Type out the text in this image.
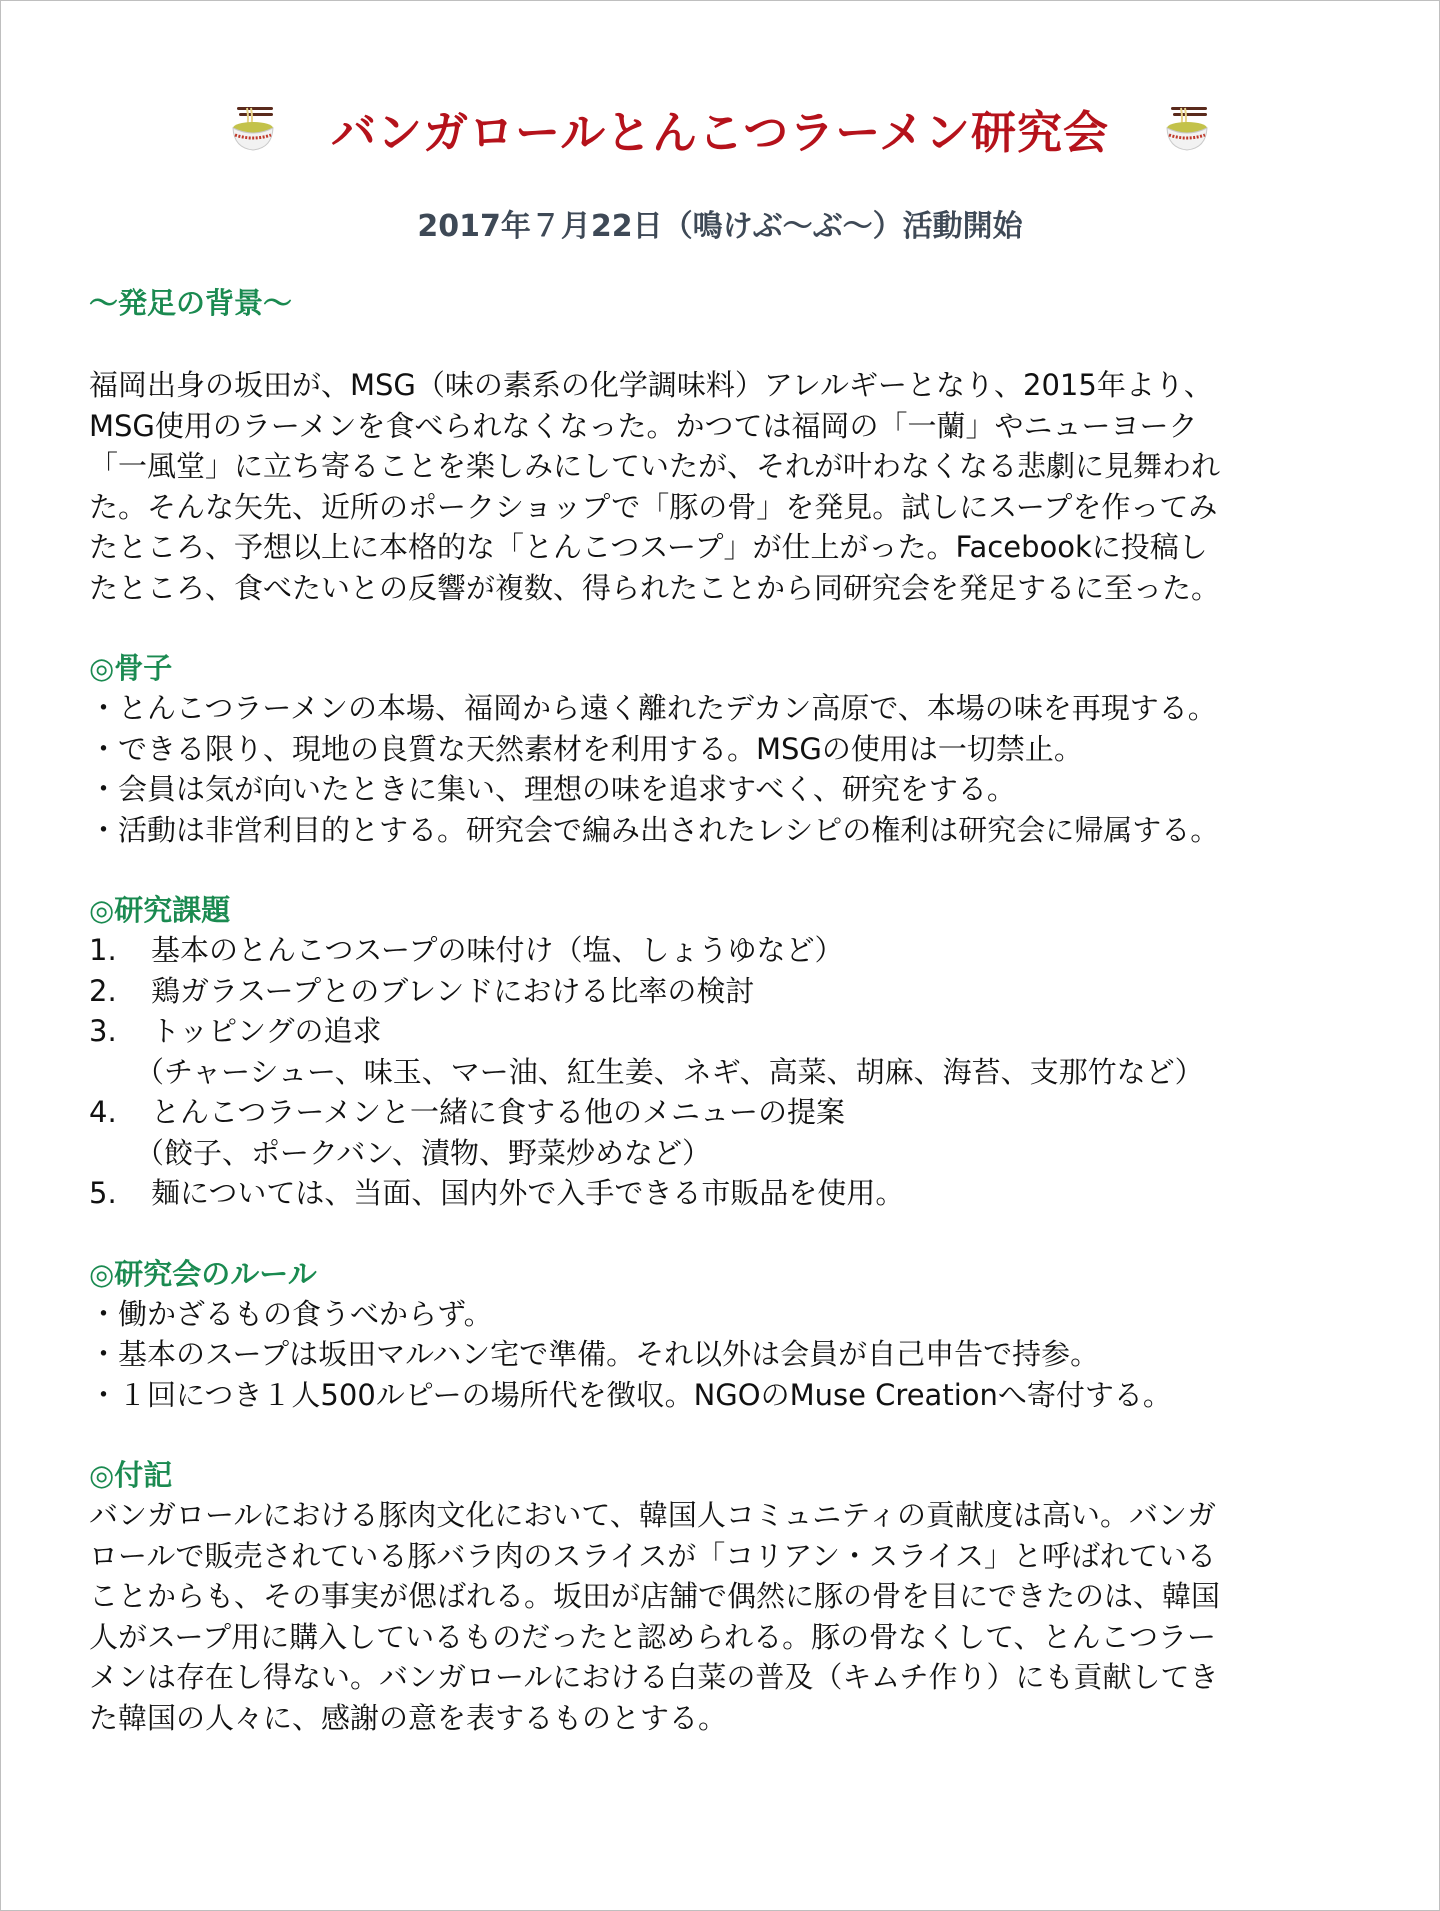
バンガロールとんこつラーメン研究会
2017年７月22日（鳴けぶ〜ぶ〜）活動開始
〜発足の背景〜
福岡出身の坂田が、MSG（味の素系の化学調味料）アレルギーとなり、2015年より、
MSG使用のラーメンを食べられなくなった。かつては福岡の「一蘭」やニューヨーク
「一風堂」に立ち寄ることを楽しみにしていたが、それが叶わなくなる悲劇に見舞われ
た。そんな矢先、近所のポークショップで「豚の骨」を発見。試しにスープを作ってみ
たところ、予想以上に本格的な「とんこつスープ」が仕上がった。Facebookに投稿し
たところ、食べたいとの反響が複数、得られたことから同研究会を発足するに至った。
◎骨子
・とんこつラーメンの本場、福岡から遠く離れたデカン高原で、本場の味を再現する。
・できる限り、現地の良質な天然素材を利用する。MSGの使用は一切禁止。
・会員は気が向いたときに集い、理想の味を追求すべく、研究をする。
・活動は非営利目的とする。研究会で編み出されたレシピの権利は研究会に帰属する。
◎研究課題
1.	基本のとんこつスープの味付け（塩、しょうゆなど）
2.	鶏ガラスープとのブレンドにおける比率の検討
3.	トッピングの追求
（チャーシュー、味玉、マー油、紅生姜、ネギ、高菜、胡麻、海苔、支那竹など）
4.	とんこつラーメンと一緒に食する他のメニューの提案
（餃子、ポークバン、漬物、野菜炒めなど）
5.	麺については、当面、国内外で入手できる市販品を使用。
◎研究会のルール
・働かざるもの食うべからず。
・基本のスープは坂田マルハン宅で準備。それ以外は会員が自己申告で持参。
・１回につき１人500ルピーの場所代を徴収。NGOのMuse Creationへ寄付する。
◎付記
バンガロールにおける豚肉文化において、韓国人コミュニティの貢献度は高い。バンガ
ロールで販売されている豚バラ肉のスライスが「コリアン・スライス」と呼ばれている
ことからも、その事実が偲ばれる。坂田が店舗で偶然に豚の骨を目にできたのは、韓国
人がスープ用に購入しているものだったと認められる。豚の骨なくして、とんこつラー
メンは存在し得ない。バンガロールにおける白菜の普及（キムチ作り）にも貢献してき
た韓国の人々に、感謝の意を表するものとする。
